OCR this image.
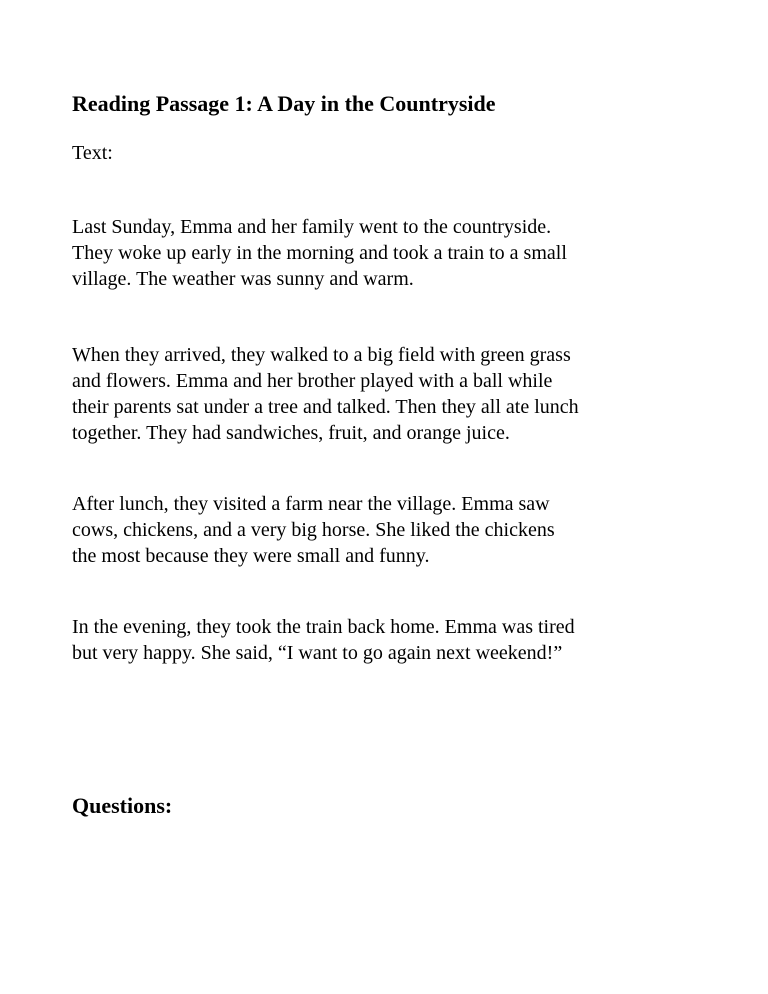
Reading Passage 1: A Day in the Countryside

Text:

Last Sunday, Emma and her family went to the countryside.
They woke up early in the morning and took a train to a small
village. The weather was sunny and warm.
When they arrived, they walked to a big field with green grass
and flowers. Emma and her brother played with a ball while
their parents sat under a tree and talked. Then they all ate lunch
together. They had sandwiches, fruit, and orange juice.
After lunch, they visited a farm near the village. Emma saw
cows, chickens, and a very big horse. She liked the chickens
the most because they were small and funny.
In the evening, they took the train back home. Emma was tired
but very happy. She said, “I want to go again next weekend!”
Questions:
